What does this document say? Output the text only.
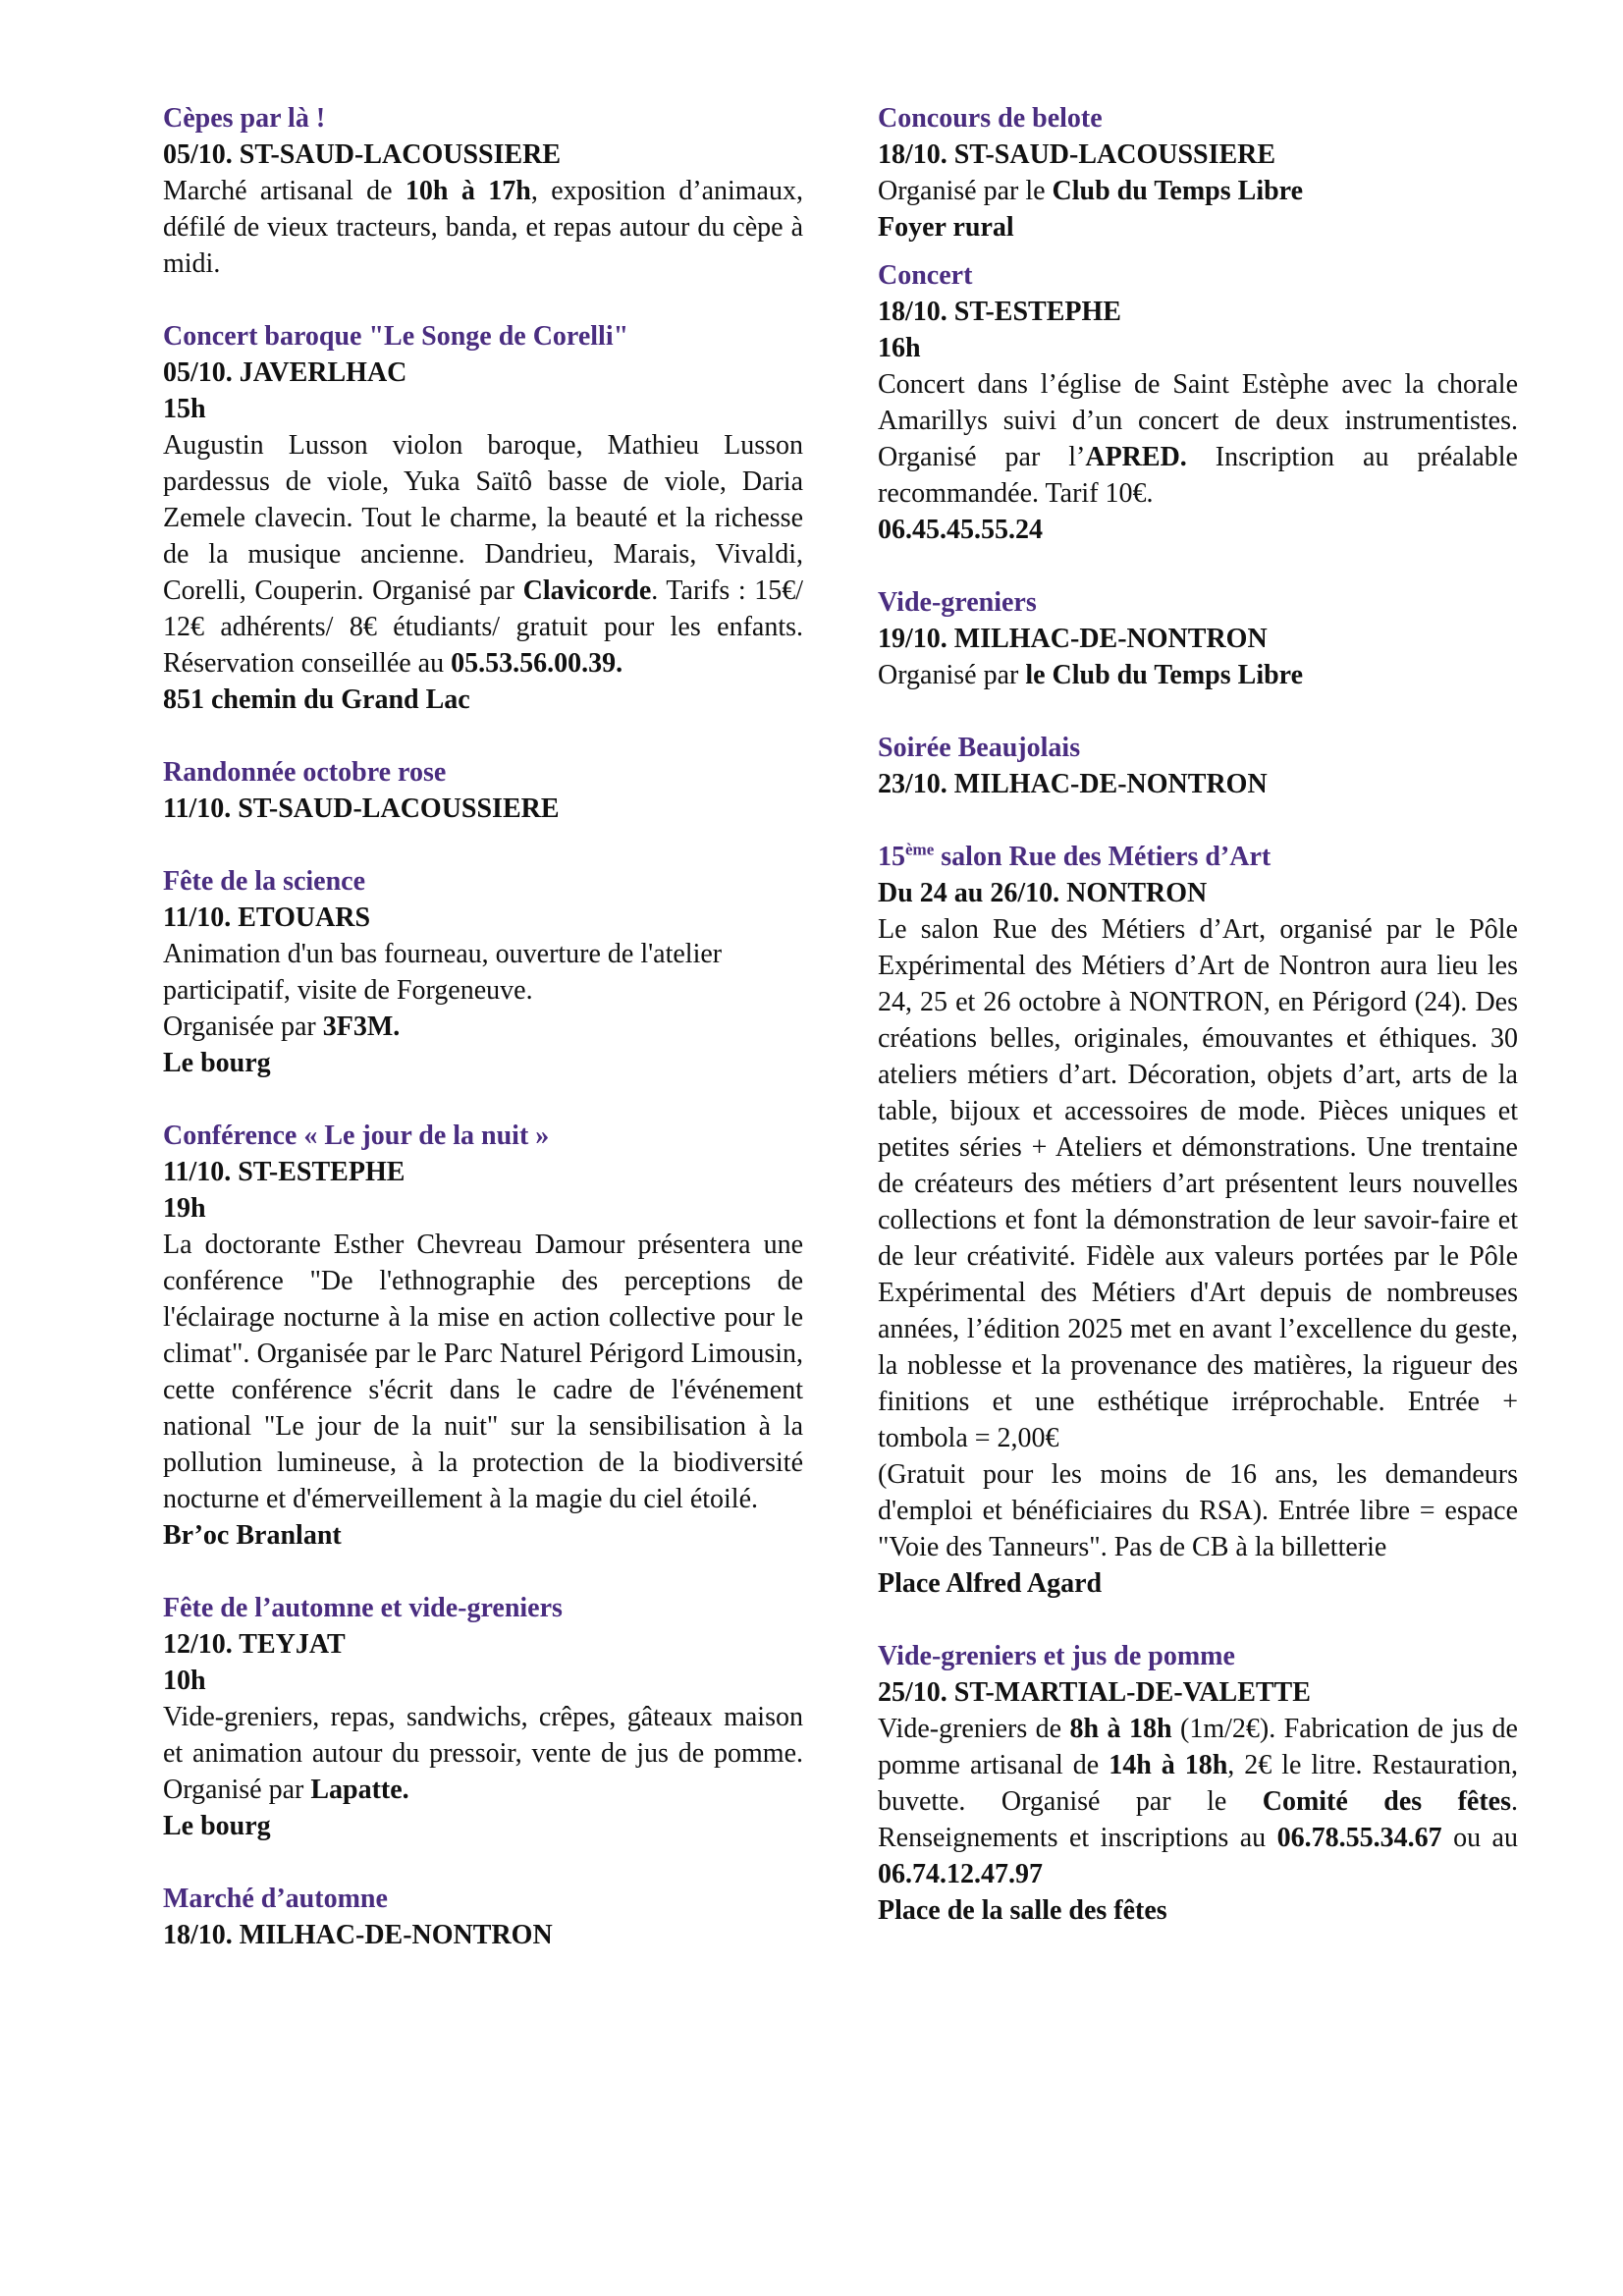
Cèpes par là !
05/10. ST-SAUD-LACOUSSIERE
Marché artisanal de 10h à 17h, exposition d’animaux, défilé de vieux tracteurs, banda, et repas autour du cèpe à midi.
Concert baroque "Le Songe de Corelli"
05/10. JAVERLHAC
15h
Augustin Lusson violon baroque, Mathieu Lusson pardessus de viole, Yuka Saïtô basse de viole, Daria Zemele clavecin. Tout le charme, la beauté et la richesse de la musique ancienne. Dandrieu, Marais, Vivaldi, Corelli, Couperin. Organisé par Clavicorde. Tarifs : 15€/ 12€ adhérents/ 8€ étudiants/ gratuit pour les enfants. Réservation conseillée au 05.53.56.00.39.
851 chemin du Grand Lac
Randonnée octobre rose
11/10. ST-SAUD-LACOUSSIERE
Fête de la science
11/10. ETOUARS
Animation d'un bas fourneau, ouverture de l'atelier participatif, visite de Forgeneuve.
Organisée par 3F3M.
Le bourg
Conférence « Le jour de la nuit »
11/10. ST-ESTEPHE
19h
La doctorante Esther Chevreau Damour présentera une conférence "De l'ethnographie des perceptions de l'éclairage nocturne à la mise en action collective pour le climat". Organisée par le Parc Naturel Périgord Limousin, cette conférence s'écrit dans le cadre de l'événement national "Le jour de la nuit" sur la sensibilisation à la pollution lumineuse, à la protection de la biodiversité nocturne et d'émerveillement à la magie du ciel étoilé.
Br’oc Branlant
Fête de l’automne et vide-greniers
12/10. TEYJAT
10h
Vide-greniers, repas, sandwichs, crêpes, gâteaux maison et animation autour du pressoir, vente de jus de pomme. Organisé par Lapatte.
Le bourg
Marché d’automne
18/10. MILHAC-DE-NONTRON
Concours de belote
18/10. ST-SAUD-LACOUSSIERE
Organisé par le Club du Temps Libre
Foyer rural
Concert
18/10. ST-ESTEPHE
16h
Concert dans l’église de Saint Estèphe avec la chorale Amarillys suivi d’un concert de deux instrumentistes. Organisé par l’APRED. Inscription au préalable recommandée. Tarif 10€.
06.45.45.55.24
Vide-greniers
19/10. MILHAC-DE-NONTRON
Organisé par le Club du Temps Libre
Soirée Beaujolais
23/10. MILHAC-DE-NONTRON
15ème salon Rue des Métiers d’Art
Du 24 au 26/10. NONTRON
Le salon Rue des Métiers d’Art, organisé par le Pôle Expérimental des Métiers d’Art de Nontron aura lieu les 24, 25 et 26 octobre à NONTRON, en Périgord (24). Des créations belles, originales, émouvantes et éthiques. 30 ateliers métiers d’art. Décoration, objets d’art, arts de la table, bijoux et accessoires de mode. Pièces uniques et petites séries + Ateliers et démonstrations. Une trentaine de créateurs des métiers d’art présentent leurs nouvelles collections et font la démonstration de leur savoir-faire et de leur créativité. Fidèle aux valeurs portées par le Pôle Expérimental des Métiers d'Art depuis de nombreuses années, l’édition 2025 met en avant l’excellence du geste, la noblesse et la provenance des matières, la rigueur des finitions et une esthétique irréprochable. Entrée + tombola = 2,00€
(Gratuit pour les moins de 16 ans, les demandeurs d'emploi et bénéficiaires du RSA). Entrée libre = espace "Voie des Tanneurs". Pas de CB à la billetterie
Place Alfred Agard
Vide-greniers et jus de pomme
25/10. ST-MARTIAL-DE-VALETTE
Vide-greniers de 8h à 18h (1m/2€). Fabrication de jus de pomme artisanal de 14h à 18h, 2€ le litre. Restauration, buvette. Organisé par le Comité des fêtes. Renseignements et inscriptions au 06.78.55.34.67 ou au 06.74.12.47.97
Place de la salle des fêtes
